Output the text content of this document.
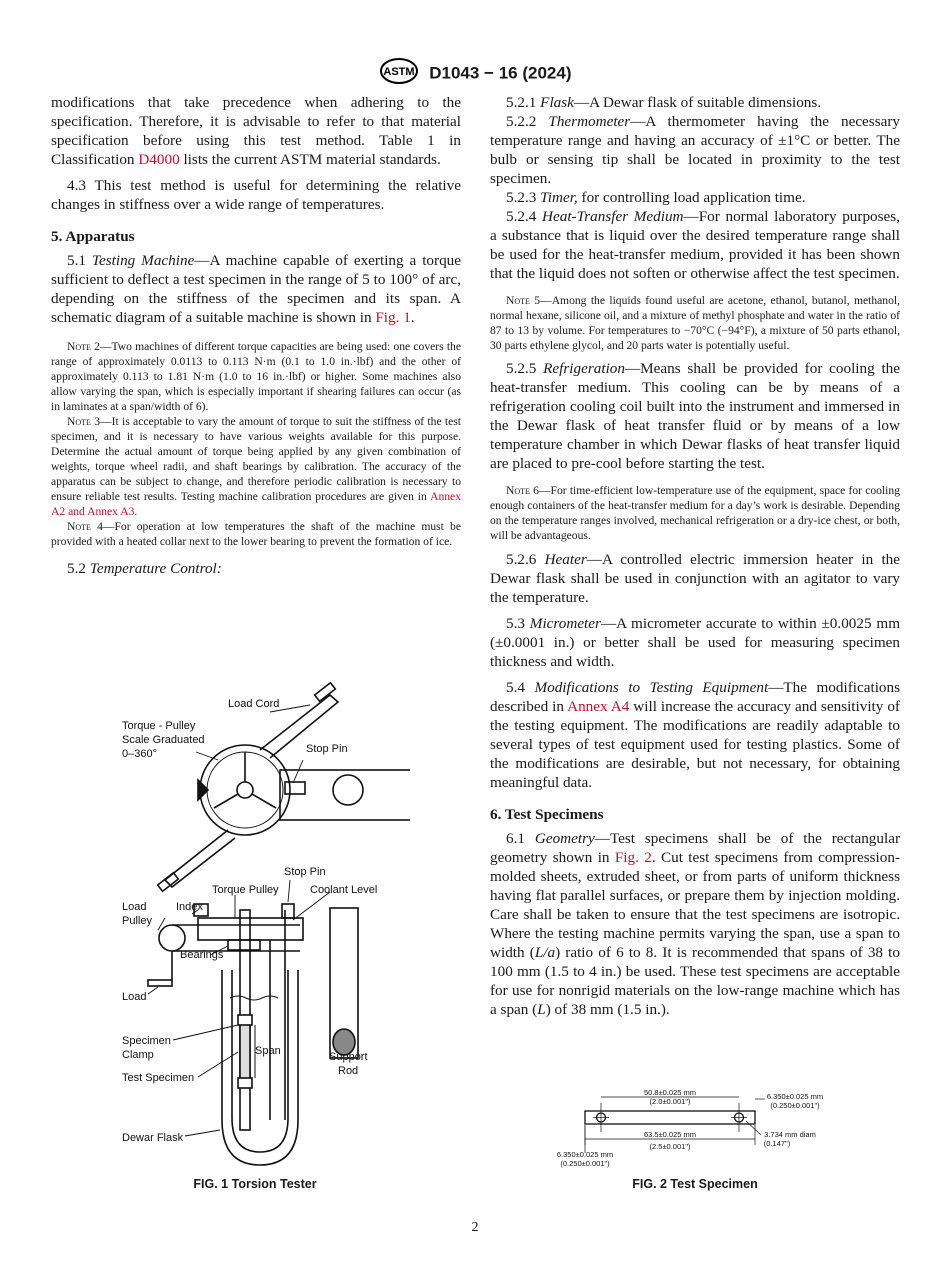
ASTM D1043 − 16 (2024)

modifications that take precedence when adhering to the specification. Therefore, it is advisable to refer to that material specification before using this test method. Table 1 in Classification D4000 lists the current ASTM material standards.

4.3 This test method is useful for determining the relative changes in stiffness over a wide range of temperatures.

5. Apparatus

5.1 Testing Machine—A machine capable of exerting a torque sufficient to deflect a test specimen in the range of 5 to 100° of arc, depending on the stiffness of the specimen and its span. A schematic diagram of a suitable machine is shown in Fig. 1.

Note 2—Two machines of different torque capacities are being used: one covers the range of approximately 0.0113 to 0.113 N·m (0.1 to 1.0 in.·lbf) and the other of approximately 0.113 to 1.81 N·m (1.0 to 16 in.·lbf) or higher. Some machines also allow varying the span, which is especially important if shearing failures can occur (as in laminates at a span/width of 6).

Note 3—It is acceptable to vary the amount of torque to suit the stiffness of the test specimen, and it is necessary to have various weights available for this purpose. Determine the actual amount of torque being applied by any given combination of weights, torque wheel radii, and shaft bearings by calibration. The accuracy of the apparatus can be subject to change, and therefore periodic calibration is necessary to ensure reliable test results. Testing machine calibration procedures are given in Annex A2 and Annex A3.

Note 4—For operation at low temperatures the shaft of the machine must be provided with a heated collar next to the lower bearing to prevent the formation of ice.

5.2 Temperature Control:

Load Cord
Torque - Pulley
Scale Graduated
0–360°	Stop Pin
Stop Pin
Torque Pulley	Coolant Level
Load
Pulley
Index
Bearings
Load
Specimen
Clamp	Span
Test Specimen
Support
Rod
Dewar Flask
FIG. 1 Torsion Tester

5.2.1 Flask—A Dewar flask of suitable dimensions.

5.2.2 Thermometer—A thermometer having the necessary temperature range and having an accuracy of ±1°C or better. The bulb or sensing tip shall be located in proximity to the test specimen.

5.2.3 Timer, for controlling load application time.

5.2.4 Heat-Transfer Medium—For normal laboratory purposes, a substance that is liquid over the desired temperature range shall be used for the heat-transfer medium, provided it has been shown that the liquid does not soften or otherwise affect the test specimen.

Note 5—Among the liquids found useful are acetone, ethanol, butanol, methanol, normal hexane, silicone oil, and a mixture of methyl phosphate and water in the ratio of 87 to 13 by volume. For temperatures to −70°C (−94°F), a mixture of 50 parts ethanol, 30 parts ethylene glycol, and 20 parts water is potentially useful.

5.2.5 Refrigeration—Means shall be provided for cooling the heat-transfer medium. This cooling can be by means of a refrigeration cooling coil built into the instrument and immersed in the Dewar flask of heat transfer fluid or by means of a low temperature chamber in which Dewar flasks of heat transfer liquid are placed to pre-cool before starting the test.

Note 6—For time-efficient low-temperature use of the equipment, space for cooling enough containers of the heat-transfer medium for a day’s work is desirable. Depending on the temperature ranges involved, mechanical refrigeration or a dry-ice chest, or both, will be advantageous.

5.2.6 Heater—A controlled electric immersion heater in the Dewar flask shall be used in conjunction with an agitator to vary the temperature.

5.3 Micrometer—A micrometer accurate to within ±0.0025 mm (±0.0001 in.) or better shall be used for measuring specimen thickness and width.

5.4 Modifications to Testing Equipment—The modifications described in Annex A4 will increase the accuracy and sensitivity of the testing equipment. The modifications are readily adaptable to several types of test equipment used for testing plastics. Some of the modifications are desirable, but not necessary, for obtaining meaningful data.

6. Test Specimens

6.1 Geometry—Test specimens shall be of the rectangular geometry shown in Fig. 2. Cut test specimens from compression-molded sheets, extruded sheet, or from parts of uniform thickness having flat parallel surfaces, or prepare them by injection molding. Care shall be taken to ensure that the test specimens are isotropic. Where the testing machine permits varying the span, use a span to width (L/a) ratio of 6 to 8. It is recommended that spans of 38 to 100 mm (1.5 to 4 in.) be used. These test specimens are acceptable for use for nonrigid materials on the low-range machine which has a span (L) of 38 mm (1.5 in.).

50.8±0.025 mm
(2.0±0.001")
6.350±0.025 mm
(0.250±0.001")
63.5±0.025 mm
(2.5±0.001")
3.734 mm diam
(0.147")
6.350±0.025 mm
(0.250±0.001")
FIG. 2 Test Specimen
2
